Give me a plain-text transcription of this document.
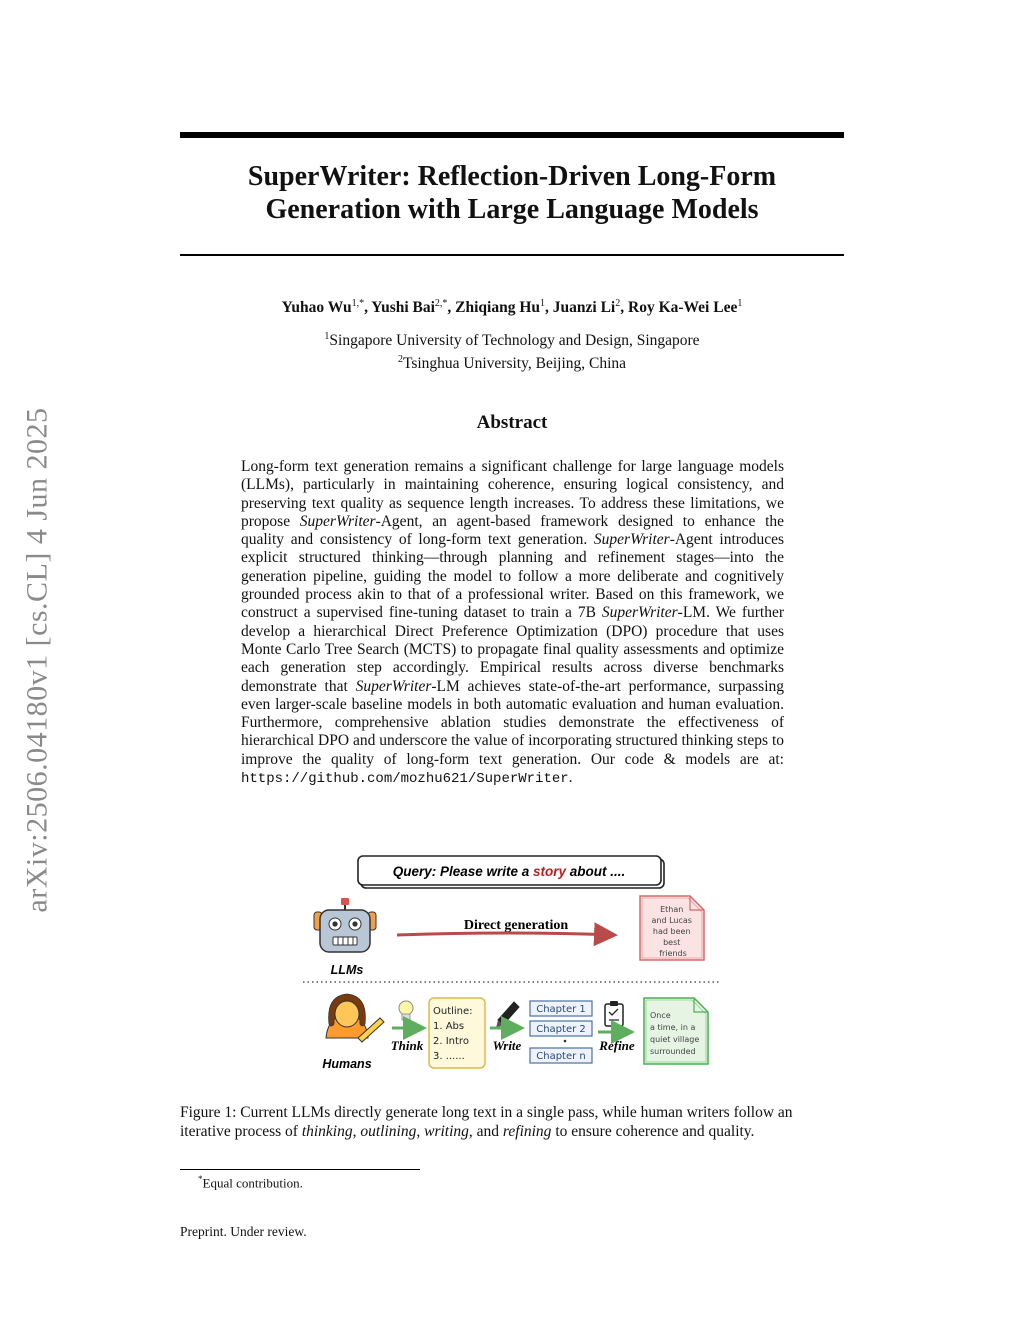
arXiv:2506.04180v1 [cs.CL] 4 Jun 2025
SuperWriter: Reflection-Driven Long-Form
Generation with Large Language Models
Yuhao $Wu^{1,*}$, Yushi Bai$^{2,*}$, Zhiqiang Hu$^1$, Juanzi Li$^2$, Roy Ka-Wei Lee$^1$
$^1$Singapore University of Technology and Design, Singapore
$^2$Tsinghua University, Beijing, China
Abstract

Long-form text generation remains a significant challenge for large language models (LLMs), particularly in maintaining coherence, ensuring logical consistency, and preserving text quality as sequence length increases. To address these limitations, we propose SuperWriter-Agent, an agent-based framework designed to enhance the quality and consistency of long-form text generation. SuperWriter-Agent introduces explicit structured thinking—through planning and refinement stages—into the generation pipeline, guiding the model to follow a more deliberate and cognitively grounded process akin to that of a professional writer. Based on this framework, we construct a supervised fine-tuning dataset to train a 7B SuperWriter-LM. We further develop a hierarchical Direct Preference Optimization (DPO) procedure that uses Monte Carlo Tree Search (MCTS) to propagate final quality assessments and optimize each generation step accordingly. Empirical results across diverse benchmarks demonstrate that SuperWriter-LM achieves state-of-the-art performance, surpassing even larger-scale baseline models in both automatic evaluation and human evaluation. Furthermore, comprehensive ablation studies demonstrate the effectiveness of hierarchical DPO and underscore the value of incorporating structured thinking steps to improve the quality of long-form text generation. Our code & models are at: https://github.com/mozhu621/SuperWriter.

Query: Please write a story about ....
LLMs
Direct generation
Ethan and Lucas had been best friends
Humans
Think
Outline: 1. Abs 2. Intro 3. ......
Write
Chapter 1
Chapter 2
Chapter n
Refine
Once a time, in a quiet village surrounded

Figure 1: Current LLMs directly generate long text in a single pass, while human writers follow an iterative process of thinking, outlining, writing, and refining to ensure coherence and quality.

*Equal contribution.
Preprint. Under review.
